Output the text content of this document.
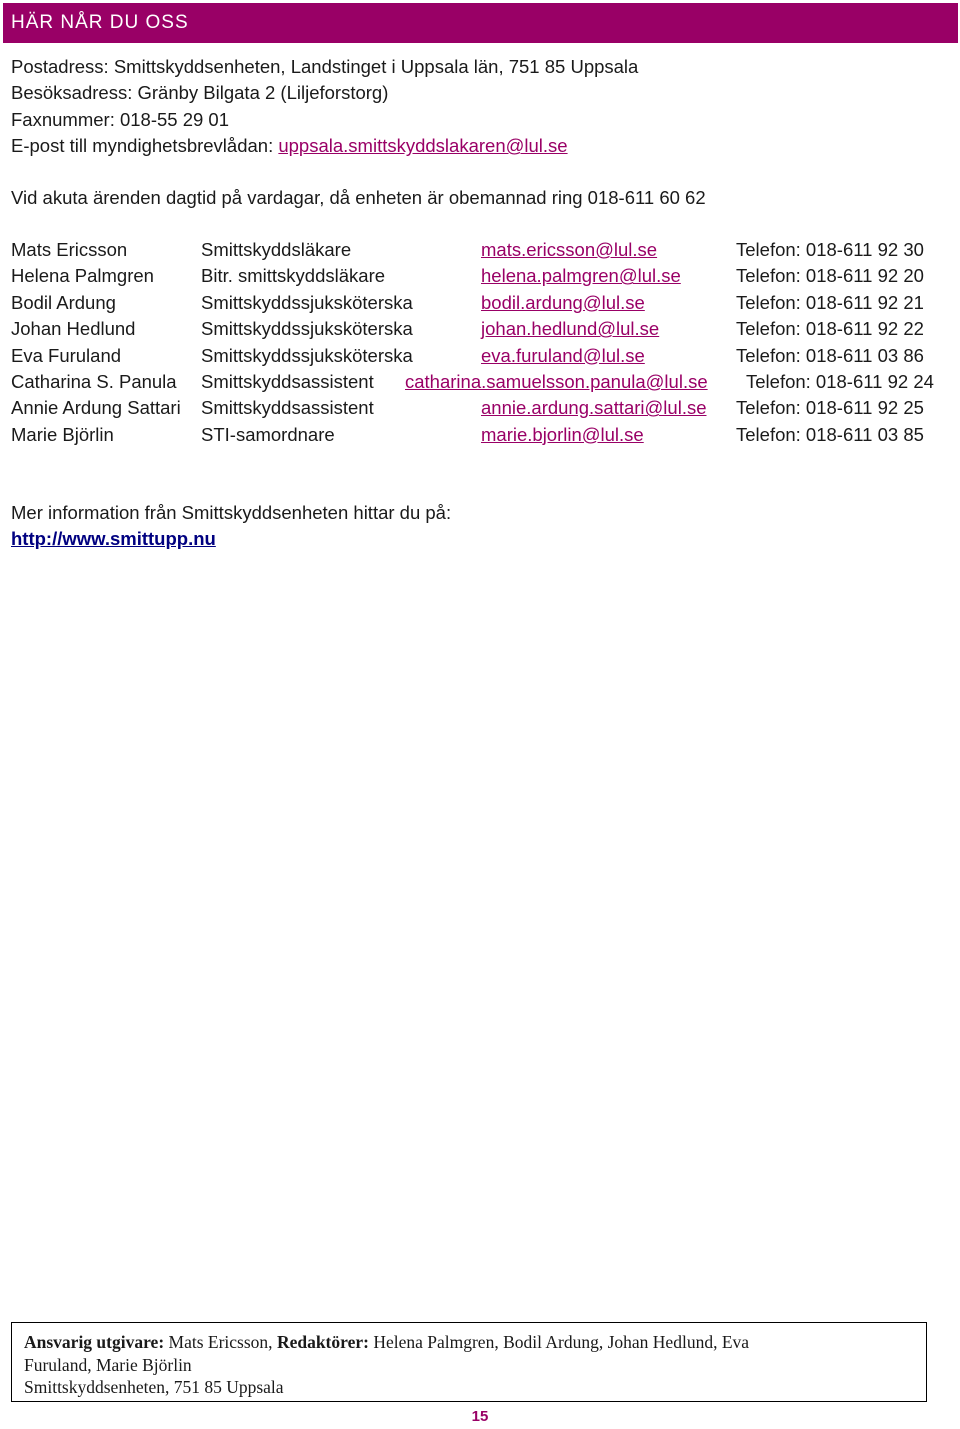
HÄR NÅR DU OSS
Postadress: Smittskyddsenheten, Landstinget i Uppsala län, 751 85 Uppsala
Besöksadress: Gränby Bilgata 2 (Liljeforstorg)
Faxnummer: 018-55 29 01
E-post till myndighetsbrevlådan: uppsala.smittskyddslakaren@lul.se
Vid akuta ärenden dagtid på vardagar, då enheten är obemannad ring 018-611 60 62
Mats Ericsson	Smittskyddsläkare	mats.ericsson@lul.se	Telefon: 018-611 92 30
Helena Palmgren	Bitr. smittskyddsläkare	helena.palmgren@lul.se	Telefon: 018-611 92 20
Bodil Ardung	Smittskyddssjuksköterska	bodil.ardung@lul.se	Telefon: 018-611 92 21
Johan Hedlund	Smittskyddssjuksköterska	johan.hedlund@lul.se	Telefon: 018-611 92 22
Eva Furuland	Smittskyddssjuksköterska	eva.furuland@lul.se	Telefon: 018-611 03 86
Catharina S. Panula	Smittskyddsassistent catharina.samuelsson.panula@lul.se		Telefon: 018-611 92 24
Annie Ardung Sattari	Smittskyddsassistent	annie.ardung.sattari@lul.se	Telefon: 018-611 92 25
Marie Björlin	STI-samordnare	marie.bjorlin@lul.se	Telefon: 018-611 03 85
Mer information från Smittskyddsenheten hittar du på:
http://www.smittupp.nu
Ansvarig utgivare: Mats Ericsson, Redaktörer: Helena Palmgren, Bodil Ardung, Johan Hedlund, Eva
Furuland, Marie Björlin
Smittskyddsenheten, 751 85 Uppsala
15
